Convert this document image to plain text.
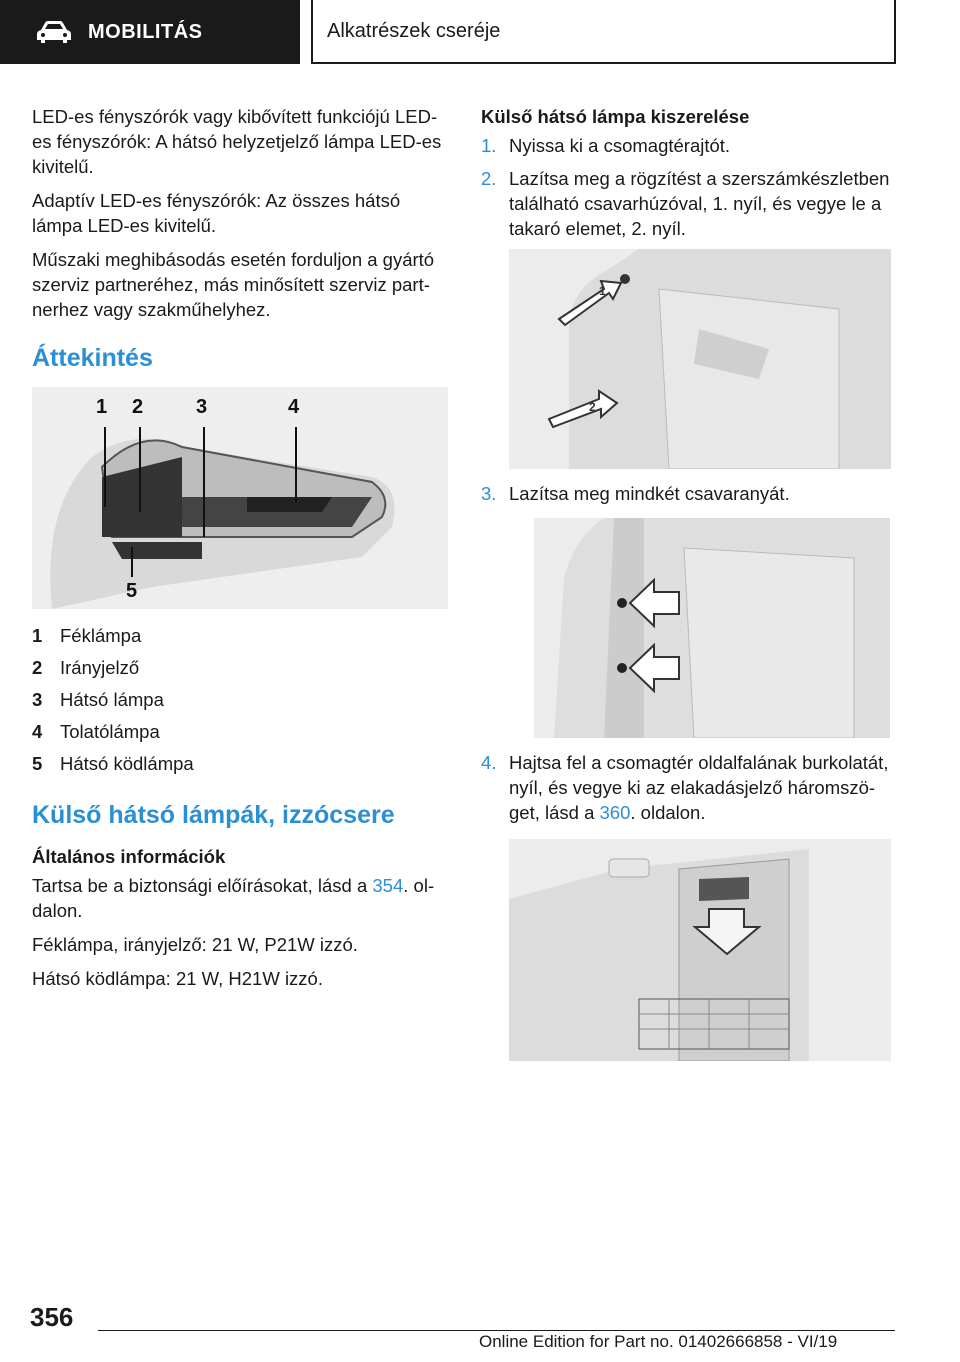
MOBILITÁS	Alkatrészek cseréje

LED-es fényszórók vagy kibővített funkciójú LED-es fényszórók: A hátsó helyzetjelző lámpa LED-es kivitelű.

Adaptív LED-es fényszórók: Az összes hátsó lámpa LED-es kivitelű.

Műszaki meghibásodás esetén forduljon a gyártó szerviz partneréhez, más minősített szerviz partnerhez vagy szakműhelyhez.

Áttekintés
1 2	3	4
5
1 Féklámpa
2 Irányjelző
3 Hátsó lámpa
4 Tolatólámpa
5 Hátsó ködlámpa
Külső hátsó lámpák, izzócsere
Általános információk

Tartsa be a biztonsági előírásokat, lásd a 354. oldalon.

Féklámpa, irányjelző: 21 W, P21W izzó.

Hátsó ködlámpa: 21 W, H21W izzó.

Külső hátsó lámpa kiszerelése
1. Nyissa ki a csomagtérajtót.
2. Lazítsa meg a rögzítést a szerszámkészletben található csavarhúzóval, 1. nyíl, és vegye le a takaró elemet, 2. nyíl.
1
2
3. Lazítsa meg mindkét csavaranyát.
4. Hajtsa fel a csomagtér oldalfalának burkolatát, nyíl, és vegye ki az elakadásjelző háromszöget, lásd a 360. oldalon.
356
Online Edition for Part no. 01402666858 - VI/19
